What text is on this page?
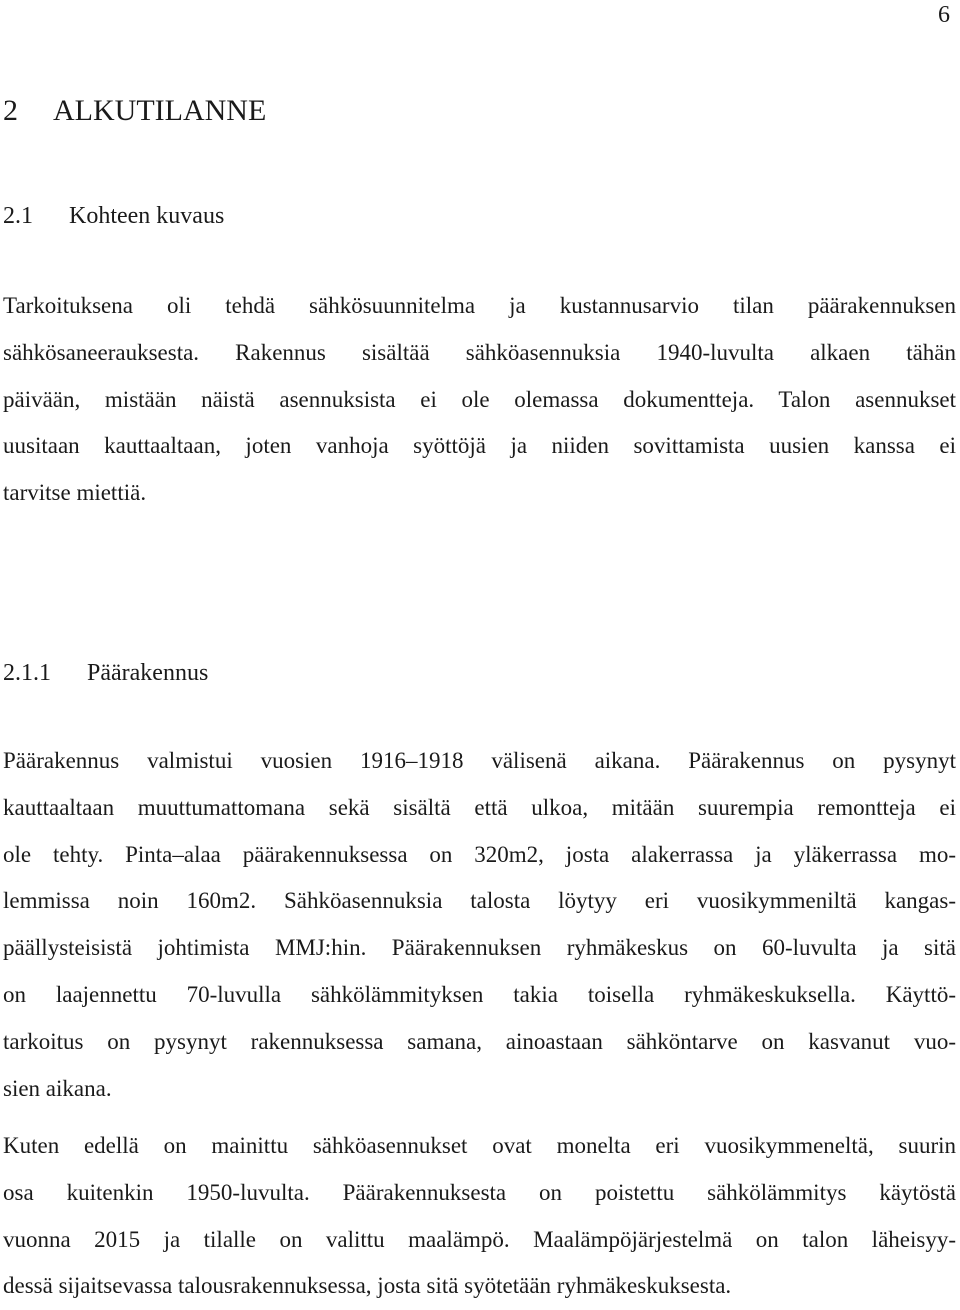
6
2 ALKUTILANNE
2.1 Kohteen kuvaus
Tarkoituksena oli tehdä sähkösuunnitelma ja kustannusarvio tilan päärakennuksen
sähkösaneerauksesta. Rakennus sisältää sähköasennuksia 1940-luvulta alkaen tähän
päivään, mistään näistä asennuksista ei ole olemassa dokumentteja. Talon asennukset
uusitaan kauttaaltaan, joten vanhoja syöttöjä ja niiden sovittamista uusien kanssa ei
tarvitse miettiä.
2.1.1 Päärakennus
Päärakennus valmistui vuosien 1916–1918 välisenä aikana. Päärakennus on pysynyt
kauttaaltaan muuttumattomana sekä sisältä että ulkoa, mitään suurempia remontteja ei
ole tehty. Pinta–alaa päärakennuksessa on 320m2, josta alakerrassa ja yläkerrassa mo-
lemmissa noin 160m2. Sähköasennuksia talosta löytyy eri vuosikymmeniltä kangas-
päällysteisistä johtimista MMJ:hin. Päärakennuksen ryhmäkeskus on 60-luvulta ja sitä
on laajennettu 70-luvulla sähkölämmityksen takia toisella ryhmäkeskuksella. Käyttö-
tarkoitus on pysynyt rakennuksessa samana, ainoastaan sähköntarve on kasvanut vuo-
sien aikana.
Kuten edellä on mainittu sähköasennukset ovat monelta eri vuosikymmeneltä, suurin
osa kuitenkin 1950-luvulta. Päärakennuksesta on poistettu sähkölämmitys käytöstä
vuonna 2015 ja tilalle on valittu maalämpö. Maalämpöjärjestelmä on talon läheisyy-
dessä sijaitsevassa talousrakennuksessa, josta sitä syötetään ryhmäkeskuksesta.
